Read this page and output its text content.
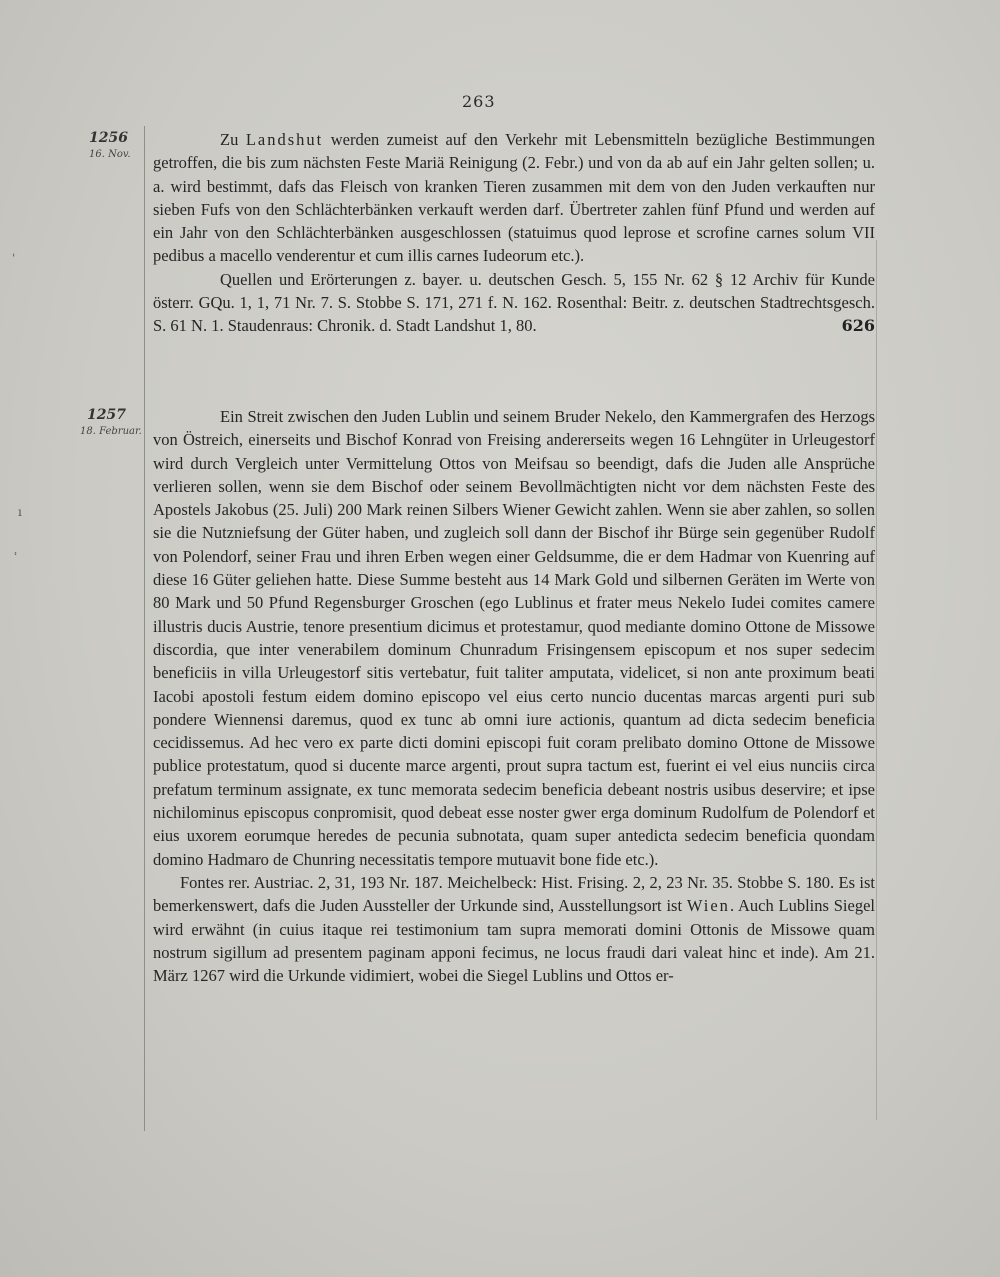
263
ˈ
ı
ʿ
1256
16. Nov.

Zu Landshut werden zumeist auf den Verkehr mit Lebensmitteln bezügliche Bestimmungen getroffen, die bis zum nächsten Feste Mariä Reinigung (2. Febr.) und von da ab auf ein Jahr gelten sollen; u. a. wird bestimmt, dafs das Fleisch von kranken Tieren zusammen mit dem von den Juden verkauften nur sieben Fufs von den Schlächterbänken verkauft werden darf. Übertreter zahlen fünf Pfund und werden auf ein Jahr von den Schlächterbänken ausgeschlossen (statuimus quod leprose et scrofine carnes solum VII pedibus a macello venderentur et cum illis carnes Iudeorum etc.).

Quellen und Erörterungen z. bayer. u. deutschen Gesch. 5, 155 Nr. 62 § 12 Archiv für Kunde österr. GQu. 1, 1, 71 Nr. 7. S. Stobbe S. 171, 271 f. N. 162. Rosenthal: Beitr. z. deutschen Stadtrechtsgesch. S. 61 N. 1. Staudenraus: Chronik. d. Stadt Landshut 1, 80.	626

1257
18. Februar.

Ein Streit zwischen den Juden Lublin und seinem Bruder Nekelo, den Kammergrafen des Herzogs von Östreich, einerseits und Bischof Konrad von Freising andererseits wegen 16 Lehngüter in Urleugestorf wird durch Vergleich unter Vermittelung Ottos von Meifsau so beendigt, dafs die Juden alle Ansprüche verlieren sollen, wenn sie dem Bischof oder seinem Bevollmächtigten nicht vor dem nächsten Feste des Apostels Jakobus (25. Juli) 200 Mark reinen Silbers Wiener Gewicht zahlen. Wenn sie aber zahlen, so sollen sie die Nutzniefsung der Güter haben, und zugleich soll dann der Bischof ihr Bürge sein gegenüber Rudolf von Polendorf, seiner Frau und ihren Erben wegen einer Geldsumme, die er dem Hadmar von Kuenring auf diese 16 Güter geliehen hatte. Diese Summe besteht aus 14 Mark Gold und silbernen Geräten im Werte von 80 Mark und 50 Pfund Regensburger Groschen (ego Lublinus et frater meus Nekelo Iudei comites camere illustris ducis Austrie, tenore presentium dicimus et protestamur, quod mediante domino Ottone de Missowe discordia, que inter venerabilem dominum Chunradum Frisingensem episcopum et nos super sedecim beneficiis in villa Urleugestorf sitis vertebatur, fuit taliter amputata, videlicet, si non ante proximum beati Iacobi apostoli festum eidem domino episcopo vel eius certo nuncio ducentas marcas argenti puri sub pondere Wiennensi daremus, quod ex tunc ab omni iure actionis, quantum ad dicta sedecim beneficia cecidissemus. Ad hec vero ex parte dicti domini episcopi fuit coram prelibato domino Ottone de Missowe publice protestatum, quod si ducente marce argenti, prout supra tactum est, fuerint ei vel eius nunciis circa prefatum terminum assignate, ex tunc memorata sedecim beneficia debeant nostris usibus deservire; et ipse nichilominus episcopus conpromisit, quod debeat esse noster gwer erga dominum Rudolfum de Polendorf et eius uxorem eorumque heredes de pecunia subnotata, quam super antedicta sedecim beneficia quondam domino Hadmaro de Chunring necessitatis tempore mutuavit bone fide etc.).

Fontes rer. Austriac. 2, 31, 193 Nr. 187. Meichelbeck: Hist. Frising. 2, 2, 23 Nr. 35. Stobbe S. 180. Es ist bemerkenswert, dafs die Juden Aussteller der Urkunde sind, Ausstellungsort ist Wien. Auch Lublins Siegel wird erwähnt (in cuius itaque rei testimonium tam supra memorati domini Ottonis de Missowe quam nostrum sigillum ad presentem paginam apponi fecimus, ne locus fraudi dari valeat hinc et inde). Am 21. März 1267 wird die Urkunde vidimiert, wobei die Siegel Lublins und Ottos er-
